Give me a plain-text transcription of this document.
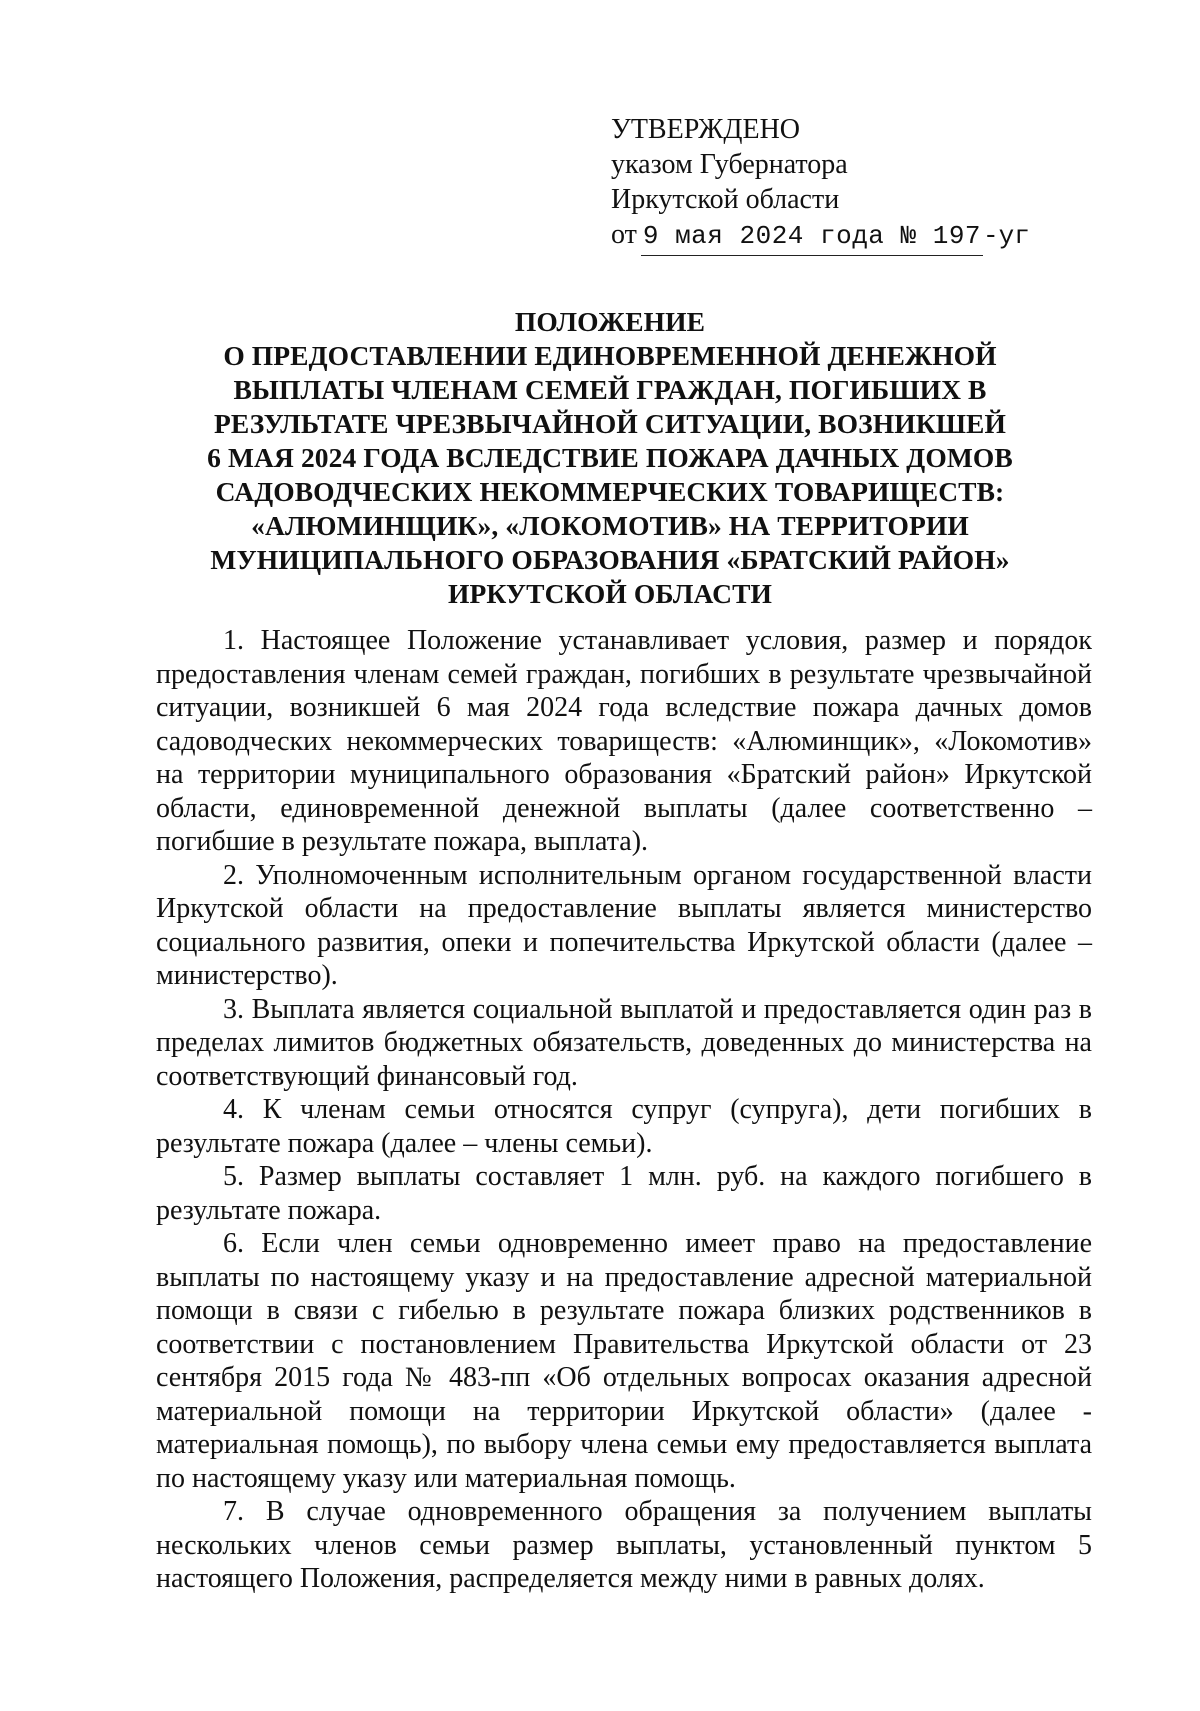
УТВЕРЖДЕНО
указом Губернатора
Иркутской области
от 9 мая 2024 года № 197 -уг
ПОЛОЖЕНИЕ
О ПРЕДОСТАВЛЕНИИ ЕДИНОВРЕМЕННОЙ ДЕНЕЖНОЙ
ВЫПЛАТЫ ЧЛЕНАМ СЕМЕЙ ГРАЖДАН, ПОГИБШИХ В
РЕЗУЛЬТАТЕ ЧРЕЗВЫЧАЙНОЙ СИТУАЦИИ, ВОЗНИКШЕЙ
6 МАЯ 2024 ГОДА ВСЛЕДСТВИЕ ПОЖАРА ДАЧНЫХ ДОМОВ
САДОВОДЧЕСКИХ НЕКОММЕРЧЕСКИХ ТОВАРИЩЕСТВ:
«АЛЮМИНЩИК», «ЛОКОМОТИВ» НА ТЕРРИТОРИИ
МУНИЦИПАЛЬНОГО ОБРАЗОВАНИЯ «БРАТСКИЙ РАЙОН»
ИРКУТСКОЙ ОБЛАСТИ

1. Настоящее Положение устанавливает условия, размер и порядок предоставления членам семей граждан, погибших в результате чрезвычайной ситуации, возникшей 6 мая 2024 года вследствие пожара дачных домов садоводческих некоммерческих товариществ: «Алюминщик», «Локомотив» на территории муниципального образования «Братский район» Иркутской области, единовременной денежной выплаты (далее соответственно – погибшие в результате пожара, выплата).

2. Уполномоченным исполнительным органом государственной власти Иркутской области на предоставление выплаты является министерство социального развития, опеки и попечительства Иркутской области (далее – министерство).

3. Выплата является социальной выплатой и предоставляется один раз в пределах лимитов бюджетных обязательств, доведенных до министерства на соответствующий финансовый год.

4. К членам семьи относятся супруг (супруга), дети погибших в результате пожара (далее – члены семьи).

5. Размер выплаты составляет 1 млн. руб. на каждого погибшего в результате пожара.

6. Если член семьи одновременно имеет право на предоставление выплаты по настоящему указу и на предоставление адресной материальной помощи в связи с гибелью в результате пожара близких родственников в соответствии с постановлением Правительства Иркутской области от 23 сентября 2015 года № 483-пп «Об отдельных вопросах оказания адресной материальной помощи на территории Иркутской области» (далее - материальная помощь), по выбору члена семьи ему предоставляется выплата по настоящему указу или материальная помощь.

7. В случае одновременного обращения за получением выплаты нескольких членов семьи размер выплаты, установленный пунктом 5 настоящего Положения, распределяется между ними в равных долях.
